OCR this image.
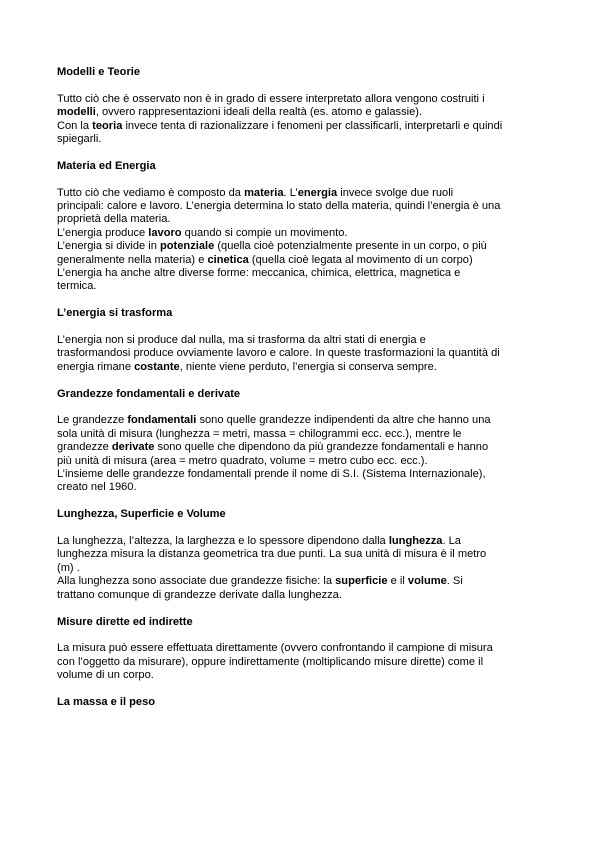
Modelli e Teorie
Tutto ciò che è osservato non è in grado di essere interpretato allora vengono costruiti i
modelli, ovvero rappresentazioni ideali della realtà (es. atomo e galassie).
Con la teoria invece tenta di razionalizzare i fenomeni per classificarli, interpretarli e quindi
spiegarli.
Materia ed Energia
Tutto ciò che vediamo è composto da materia. L’energia invece svolge due ruoli
principali: calore e lavoro. L’energia determina lo stato della materia, quindi l’energia è una
proprietà della materia.
L’energia produce lavoro quando si compie un movimento.
L’energia si divide in potenziale (quella cioè potenzialmente presente in un corpo, o più
generalmente nella materia) e cinetica (quella cioè legata al movimento di un corpo)
L’energia ha anche altre diverse forme: meccanica, chimica, elettrica, magnetica e
termica.
L’energia si trasforma
L’energia non si produce dal nulla, ma si trasforma da altri stati di energia e
trasformandosi produce ovviamente lavoro e calore. In queste trasformazioni la quantità di
energia rimane costante, niente viene perduto, l’energia si conserva sempre.
Grandezze fondamentali e derivate
Le grandezze fondamentali sono quelle grandezze indipendenti da altre che hanno una
sola unità di misura (lunghezza = metri, massa = chilogrammi ecc. ecc.), mentre le
grandezze derivate sono quelle che dipendono da più grandezze fondamentali e hanno
più unità di misura (area = metro quadrato, volume = metro cubo ecc. ecc.).
L’insieme delle grandezze fondamentali prende il nome di S.I. (Sistema Internazionale),
creato nel 1960.
Lunghezza, Superficie e Volume
La lunghezza, l’altezza, la larghezza e lo spessore dipendono dalla lunghezza. La
lunghezza misura la distanza geometrica tra due punti. La sua unità di misura è il metro
(m) .
Alla lunghezza sono associate due grandezze fisiche: la superficie e il volume. Si
trattano comunque di grandezze derivate dalla lunghezza.
Misure dirette ed indirette
La misura può essere effettuata direttamente (ovvero confrontando il campione di misura
con l’oggetto da misurare), oppure indirettamente (moltiplicando misure dirette) come il
volume di un corpo.
La massa e il peso
